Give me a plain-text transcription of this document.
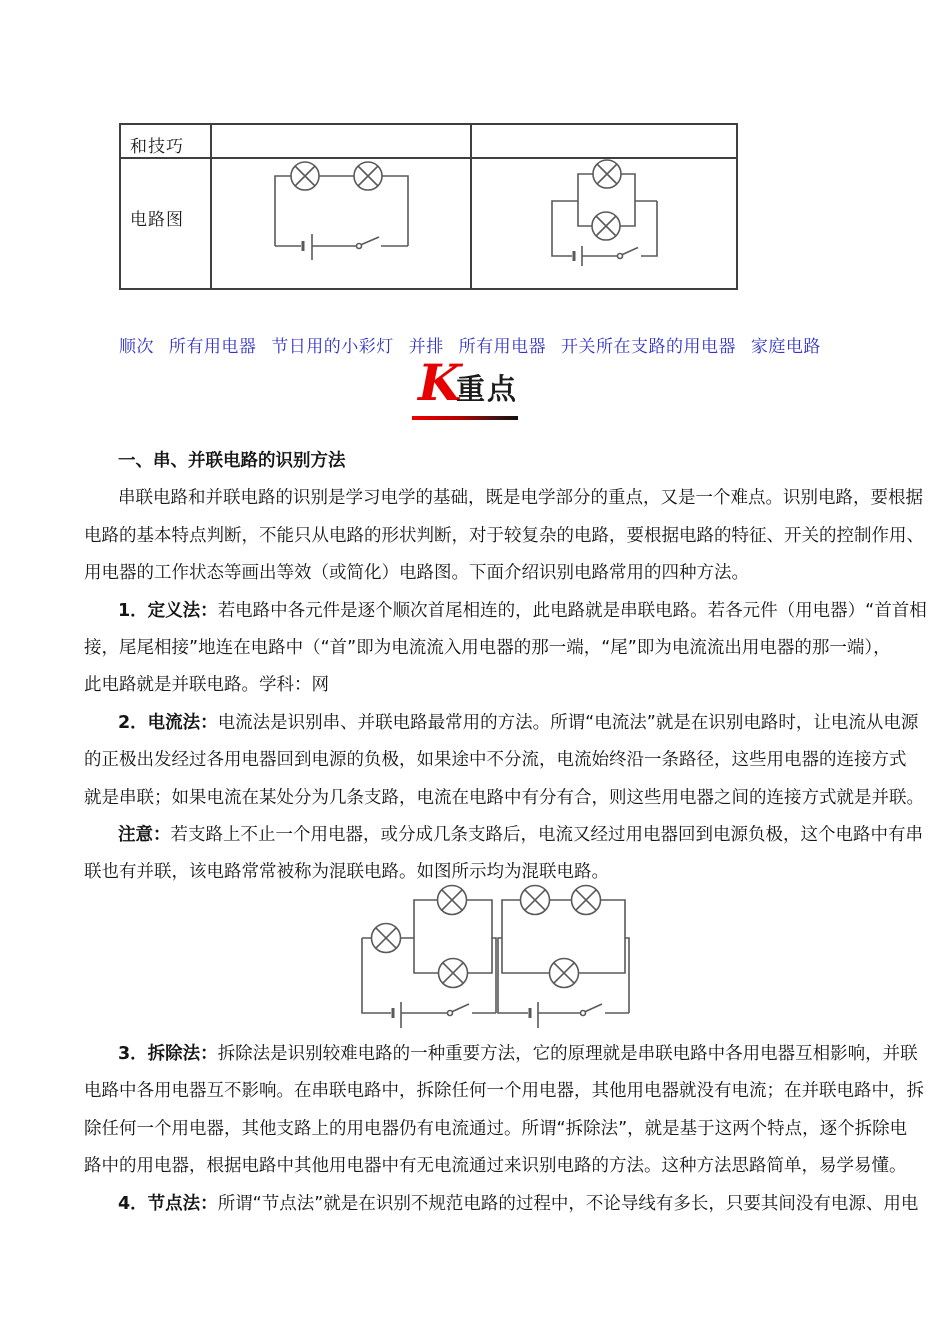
和技巧
电路图
顺次 所有用电器 节日用的小彩灯 并排 所有用电器 开关所在支路的用电器 家庭电路
K
重点
一、串、并联电路的识别方法
串联电路和并联电路的识别是学习电学的基础，既是电学部分的重点，又是一个难点。识别电路，要根据
电路的基本特点判断，不能只从电路的形状判断，对于较复杂的电路，要根据电路的特征、开关的控制作用、
用电器的工作状态等画出等效（或简化）电路图。下面介绍识别电路常用的四种方法。
1．定义法：若电路中各元件是逐个顺次首尾相连的，此电路就是串联电路。若各元件（用电器）“首首相
接，尾尾相接”地连在电路中（“首”即为电流流入用电器的那一端，“尾”即为电流流出用电器的那一端），
此电路就是并联电路。学科：网
2．电流法：电流法是识别串、并联电路最常用的方法。所谓“电流法”就是在识别电路时，让电流从电源
的正极出发经过各用电器回到电源的负极，如果途中不分流，电流始终沿一条路径，这些用电器的连接方式
就是串联；如果电流在某处分为几条支路，电流在电路中有分有合，则这些用电器之间的连接方式就是并联。
注意：若支路上不止一个用电器，或分成几条支路后，电流又经过用电器回到电源负极，这个电路中有串
联也有并联，该电路常常被称为混联电路。如图所示均为混联电路。
3．拆除法：拆除法是识别较难电路的一种重要方法，它的原理就是串联电路中各用电器互相影响，并联
电路中各用电器互不影响。在串联电路中，拆除任何一个用电器，其他用电器就没有电流；在并联电路中，拆
除任何一个用电器，其他支路上的用电器仍有电流通过。所谓“拆除法”，就是基于这两个特点，逐个拆除电
路中的用电器，根据电路中其他用电器中有无电流通过来识别电路的方法。这种方法思路简单，易学易懂。
4．节点法：所谓“节点法”就是在识别不规范电路的过程中，不论导线有多长，只要其间没有电源、用电
